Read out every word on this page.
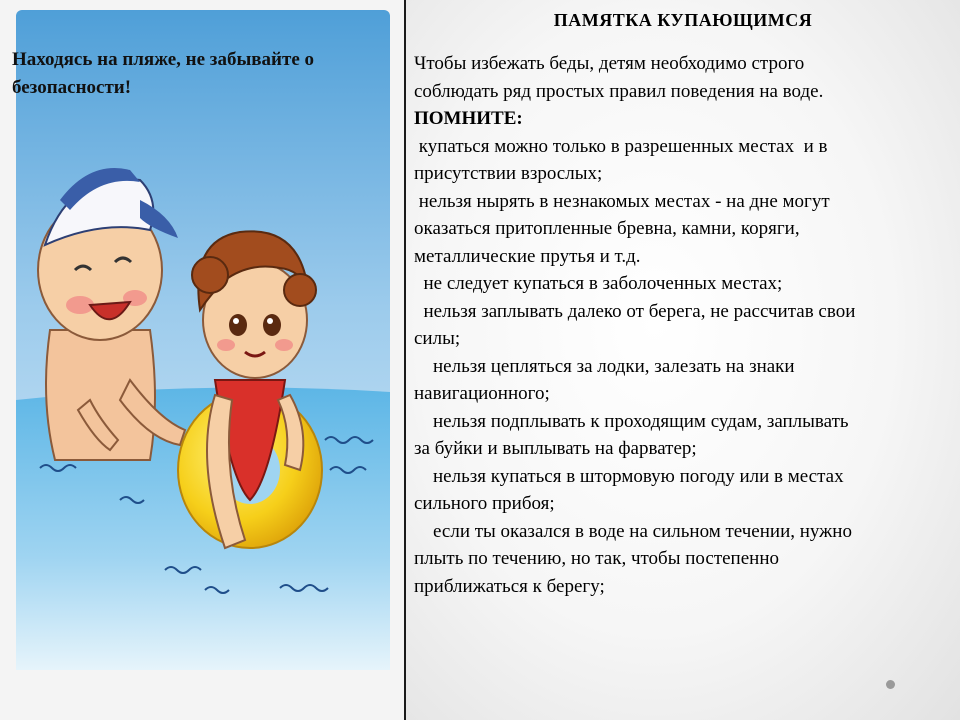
Находясь на пляже, не забывайте о безопасности!
ПАМЯТКА КУПАЮЩИМСЯ
Чтобы избежать беды, детям необходимо строго
соблюдать ряд простых правил поведения на воде.
ПОМНИТЕ:
купаться можно только в разрешенных местах  и в
присутствии взрослых;
нельзя нырять в незнакомых местах - на дне могут
оказаться притопленные бревна, камни, коряги,
металлические прутья и т.д.
не следует купаться в заболоченных местах;
нельзя заплывать далеко от берега, не рассчитав свои
силы;
нельзя цепляться за лодки, залезать на знаки
навигационного;
нельзя подплывать к проходящим судам, заплывать
за буйки и выплывать на фарватер;
нельзя купаться в штормовую погоду или в местах
сильного прибоя;
если ты оказался в воде на сильном течении, нужно
плыть по течению, но так, чтобы постепенно
приближаться к берегу;
